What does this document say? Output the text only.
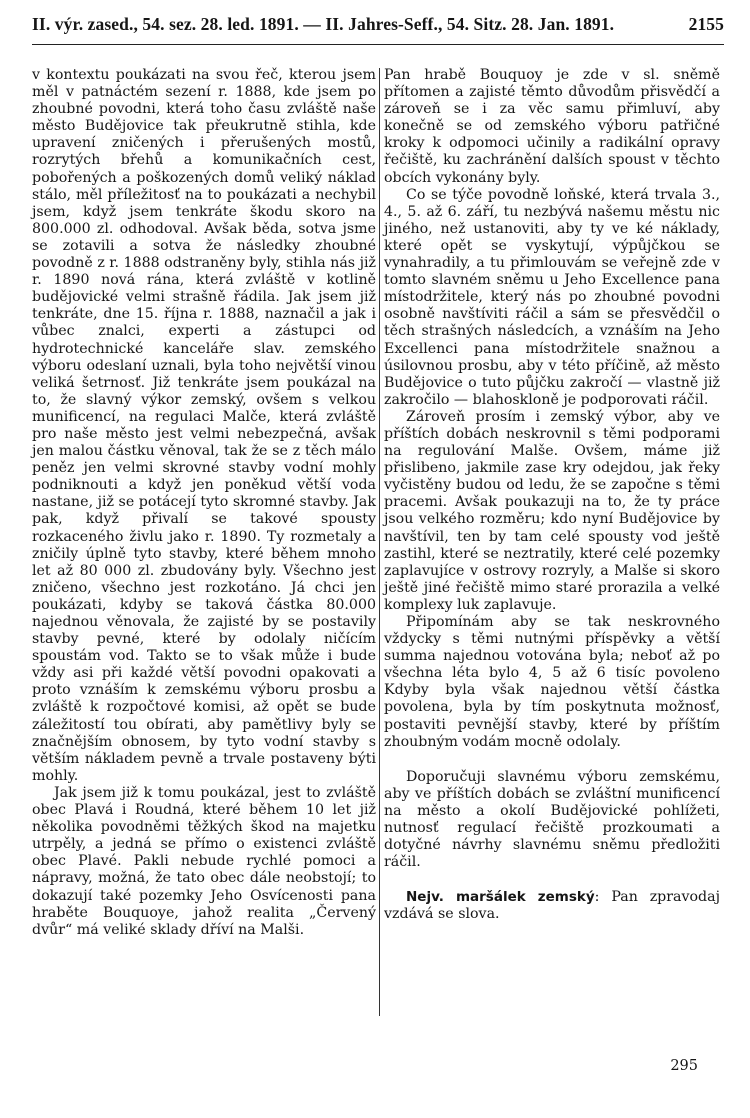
II. výr. zased., 54. sez. 28. led. 1891. — II. Jahres-Seff., 54. Sitz. 28. Jan. 1891.	2155

v kontextu poukázati na svou řeč, kterou jsem měl v patnáctém sezení r. 1888, kde jsem po zhoubné povodni, která toho času zvláště naše město Budějovice tak přeukrutně stihla, kde upravení zničených i přerušených mostů, rozrytých břehů a komunikačních cest, pobořených a poškozených domů veliký náklad stálo, měl příležitosť na to poukázati a nechybil jsem, když jsem tenkráte škodu skoro na 800.000 zl. odhodoval. Avšak běda, sotva jsme se zotavili a sotva že následky zhoubné povodně z r. 1888 odstraněny byly, stihla nás již r. 1890 nová rána, která zvláště v kotlině budějovické velmi strašně řádila. Jak jsem již tenkráte, dne 15. října r. 1888, naznačil a jak i vůbec znalci, experti a zástupci od hydrotechnické kanceláře slav. zemského výboru odeslaní uznali, byla toho největší vinou veliká šetrnosť. Již tenkráte jsem poukázal na to, že slavný výkor zemský, ovšem s velkou munificencí, na regulaci Malče, která zvláště pro naše město jest velmi nebezpečná, avšak jen malou částku věnoval, tak že se z těch málo peněz jen velmi skrovné stavby vodní mohly podniknouti a když jen poněkud větší voda nastane, již se potácejí tyto skromné stavby. Jak pak, když přivalí se takové spousty rozkaceného živlu jako r. 1890. Ty rozmetaly a zničily úplně tyto stavby, které během mnoho let až 80 000 zl. zbudovány byly. Všechno jest zničeno, všechno jest rozkotáno. Já chci jen poukázati, kdyby se taková částka 80.000 najednou věnovala, že zajisté by se postavily stavby pevné, které by odolaly ničícím spoustám vod. Takto se to však může i bude vždy asi při každé větší povodni opakovati a proto vznáším k zemskému výboru prosbu a zvláště k rozpočtové komisi, až opět se bude záležitostí tou obírati, aby pamětlivy byly se značnějším obnosem, by tyto vodní stavby s větším nákladem pevně a trvale postaveny býti mohly.

Jak jsem již k tomu poukázal, jest to zvláště obec Plavá i Roudná, které během 10 let již několika povodněmi těžkých škod na majetku utrpěly, a jedná se přímo o existenci zvláště obec Plavé. Pakli nebude rychlé pomoci a nápravy, možná, že tato obec dále neobstojí; to dokazují také pozemky Jeho Osvícenosti pana hraběte Bouquoye, jahož realita „Červený dvůr“ má veliké sklady dříví na Malši.

Pan hrabě Bouquoy je zde v sl. sněmě přítomen a zajisté těmto důvodům přisvědčí a zároveň se i za věc samu přimluví, aby konečně se od zemského výboru patřičné kroky k odpomoci učinily a radikální opravy řečiště, ku zachránění dalších spoust v těchto obcích vykonány byly.

Co se týče povodně loňské, která trvala 3., 4., 5. až 6. září, tu nezbývá našemu městu nic jiného, než ustanoviti, aby ty ve ké náklady, které opět se vyskytují, výpůjčkou se vynahradily, a tu přimlouvám se veřejně zde v tomto slavném sněmu u Jeho Excellence pana místodržitele, který nás po zhoubné povodni osobně navštíviti ráčil a sám se přesvědčil o těch strašných následcích, a vznáším na Jeho Excellenci pana místodržitele snažnou a úsilovnou prosbu, aby v této příčině, až město Budějovice o tuto půjčku zakročí — vlastně již zakročilo — blahoskloně je podporovati ráčil.

Zároveň prosím i zemský výbor, aby ve příštích dobách neskrovnil s těmi podporami na regulování Malše. Ovšem, máme již přislibeno, jakmile zase kry odejdou, jak řeky vyčistěny budou od ledu, že se započne s těmi pracemi. Avšak poukazuji na to, že ty práce jsou velkého rozměru; kdo nyní Budějovice by navštívil, ten by tam celé spousty vod ještě zastihl, které se neztratily, které celé pozemky zaplavujíce v ostrovy rozryly, a Malše si skoro ještě jiné řečiště mimo staré prorazila a velké komplexy luk zaplavuje.

Připomínám aby se tak neskrovného vždycky s těmi nutnými příspěvky a větší summa najednou votována byla; neboť až po všechna léta bylo 4, 5 až 6 tisíc povoleno Kdyby byla však najednou větší částka povolena, byla by tím poskytnuta možnosť, postaviti pevnější stavby, které by příštím zhoubným vodám mocně odolaly.

Doporučuji slavnému výboru zemskému, aby ve příštích dobách se zvláštní munificencí na město a okolí Budějovické pohlížeti, nutnosť regulací řečiště prozkoumati a dotyčné návrhy slavnému sněmu předložiti ráčil.

Nejv. maršálek zemský: Pan zpravodaj vzdává se slova.

295
